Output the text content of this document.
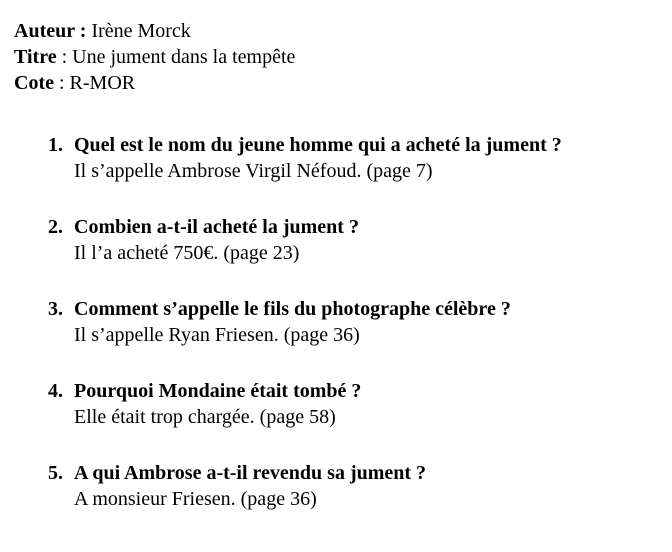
Auteur : Irène Morck
Titre : Une jument dans la tempête
Cote : R-MOR
1. Quel est le nom du jeune homme qui a acheté la jument ?
Il s’appelle Ambrose Virgil Néfoud. (page 7)
2. Combien a-t-il acheté la jument ?
Il l’a acheté 750€. (page 23)
3. Comment s’appelle le fils du photographe célèbre ?
Il s’appelle Ryan Friesen. (page 36)
4. Pourquoi Mondaine était tombé ?
Elle était trop chargée. (page 58)
5. A qui Ambrose a-t-il revendu sa jument ?
A monsieur Friesen. (page 36)
